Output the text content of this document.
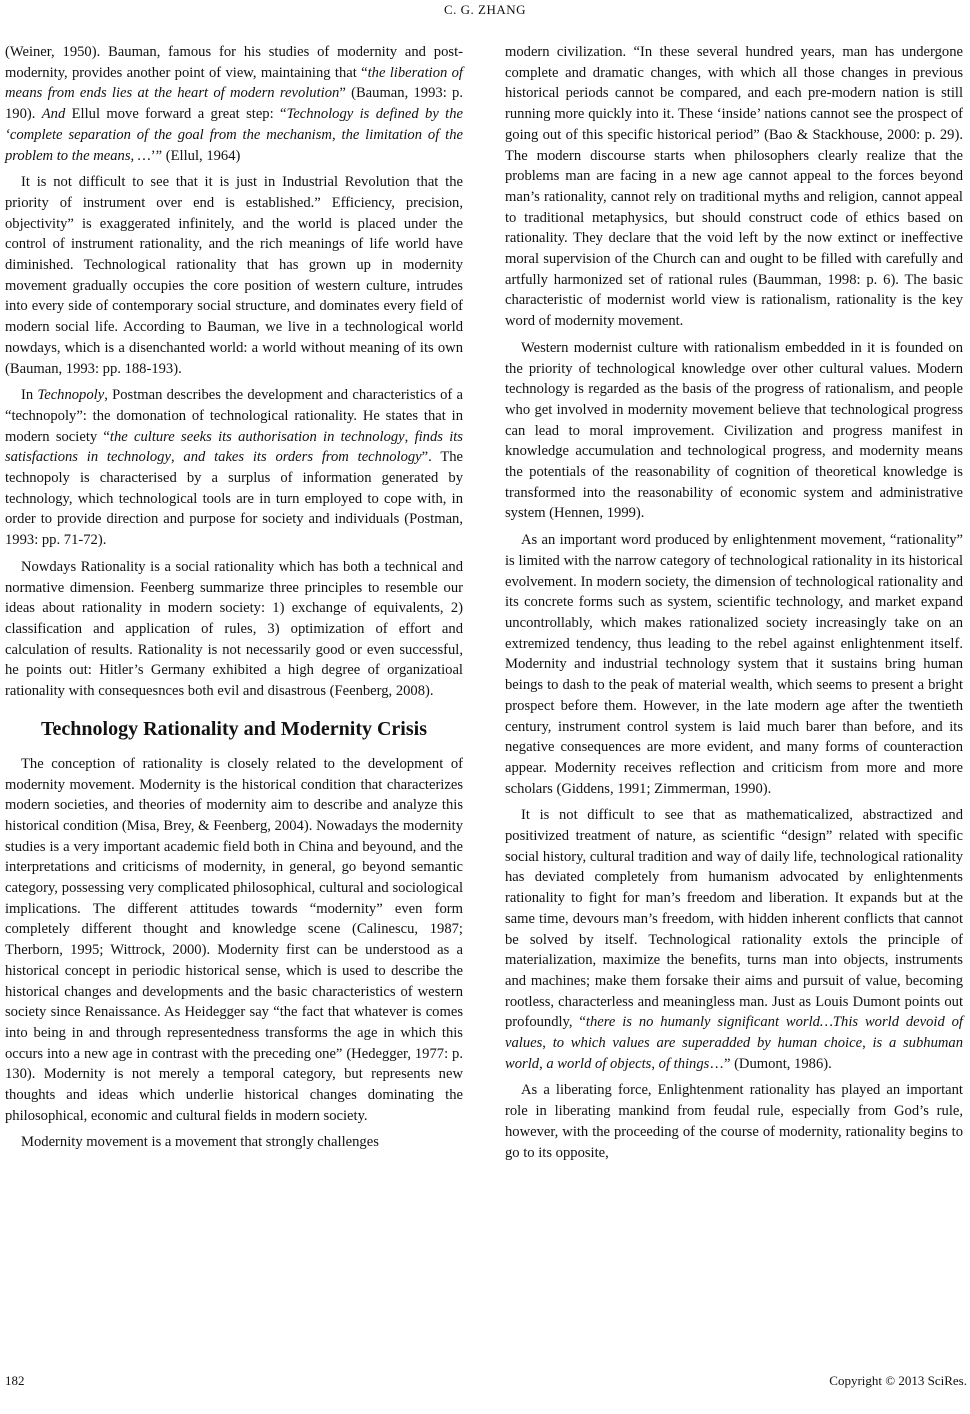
C. G. ZHANG

(Weiner, 1950). Bauman, famous for his studies of modernity and post-modernity, provides another point of view, maintaining that “the liberation of means from ends lies at the heart of modern revolution” (Bauman, 1993: p. 190). And Ellul move forward a great step: “Technology is defined by the ‘complete separation of the goal from the mechanism, the limitation of the problem to the means, …’” (Ellul, 1964)

It is not difficult to see that it is just in Industrial Revolution that the priority of instrument over end is established.” Efficiency, precision, objectivity” is exaggerated infinitely, and the world is placed under the control of instrument rationality, and the rich meanings of life world have diminished. Technological rationality that has grown up in modernity movement gradually occupies the core position of western culture, intrudes into every side of contemporary social structure, and dominates every field of modern social life. According to Bauman, we live in a technological world nowdays, which is a disenchanted world: a world without meaning of its own (Bauman, 1993: pp. 188-193).

In Technopoly, Postman describes the development and characteristics of a “technopoly”: the domonation of technological rationality. He states that in modern society “the culture seeks its authorisation in technology, finds its satisfactions in technology, and takes its orders from technology”. The technopoly is characterised by a surplus of information generated by technology, which technological tools are in turn employed to cope with, in order to provide direction and purpose for society and individuals (Postman, 1993: pp. 71-72).

Nowdays Rationality is a social rationality which has both a technical and normative dimension. Feenberg summarize three principles to resemble our ideas about rationality in modern society: 1) exchange of equivalents, 2) classification and application of rules, 3) optimization of effort and calculation of results. Rationality is not necessarily good or even successful, he points out: Hitler’s Germany exhibited a high degree of organizatioal rationality with consequesnces both evil and disastrous (Feenberg, 2008).

Technology Rationality and Modernity Crisis

The conception of rationality is closely related to the development of modernity movement. Modernity is the historical condition that characterizes modern societies, and theories of modernity aim to describe and analyze this historical condition (Misa, Brey, & Feenberg, 2004). Nowadays the modernity studies is a very important academic field both in China and beyound, and the interpretations and criticisms of modernity, in general, go beyond semantic category, possessing very complicated philosophical, cultural and sociological implications. The different attitudes towards “modernity” even form completely different thought and knowledge scene (Calinescu, 1987; Therborn, 1995; Wittrock, 2000). Modernity first can be understood as a historical concept in periodic historical sense, which is used to describe the historical changes and developments and the basic characteristics of western society since Renaissance. As Heidegger say “the fact that whatever is comes into being in and through representedness transforms the age in which this occurs into a new age in contrast with the preceding one” (Hedegger, 1977: p. 130). Modernity is not merely a temporal category, but represents new thoughts and ideas which underlie historical changes dominating the philosophical, economic and cultural fields in modern society.

Modernity movement is a movement that strongly challenges

modern civilization. “In these several hundred years, man has undergone complete and dramatic changes, with which all those changes in previous historical periods cannot be compared, and each pre-modern nation is still running more quickly into it. These ‘inside’ nations cannot see the prospect of going out of this specific historical period” (Bao & Stackhouse, 2000: p. 29). The modern discourse starts when philosophers clearly realize that the problems man are facing in a new age cannot appeal to the forces beyond man’s rationality, cannot rely on traditional myths and religion, cannot appeal to traditional metaphysics, but should construct code of ethics based on rationality. They declare that the void left by the now extinct or ineffective moral supervision of the Church can and ought to be filled with carefully and artfully harmonized set of rational rules (Baumman, 1998: p. 6). The basic characteristic of modernist world view is rationalism, rationality is the key word of modernity movement.

Western modernist culture with rationalism embedded in it is founded on the priority of technological knowledge over other cultural values. Modern technology is regarded as the basis of the progress of rationalism, and people who get involved in modernity movement believe that technological progress can lead to moral improvement. Civilization and progress manifest in knowledge accumulation and technological progress, and modernity means the potentials of the reasonability of cognition of theoretical knowledge is transformed into the reasonability of economic system and administrative system (Hennen, 1999).

As an important word produced by enlightenment movement, “rationality” is limited with the narrow category of technological rationality in its historical evolvement. In modern society, the dimension of technological rationality and its concrete forms such as system, scientific technology, and market expand uncontrollably, which makes rationalized society increasingly take on an extremized tendency, thus leading to the rebel against enlightenment itself. Modernity and industrial technology system that it sustains bring human beings to dash to the peak of material wealth, which seems to present a bright prospect before them. However, in the late modern age after the twentieth century, instrument control system is laid much barer than before, and its negative consequences are more evident, and many forms of counteraction appear. Modernity receives reflection and criticism from more and more scholars (Giddens, 1991; Zimmerman, 1990).

It is not difficult to see that as mathematicalized, abstractized and positivized treatment of nature, as scientific “design” related with specific social history, cultural tradition and way of daily life, technological rationality has deviated completely from humanism advocated by enlightenments rationality to fight for man’s freedom and liberation. It expands but at the same time, devours man’s freedom, with hidden inherent conflicts that cannot be solved by itself. Technological rationality extols the principle of materialization, maximize the benefits, turns man into objects, instruments and machines; make them forsake their aims and pursuit of value, becoming rootless, characterless and meaningless man. Just as Louis Dumont points out profoundly, “there is no humanly significant world…This world devoid of values, to which values are superadded by human choice, is a subhuman world, a world of objects, of things…” (Dumont, 1986).

As a liberating force, Enlightenment rationality has played an important role in liberating mankind from feudal rule, especially from God’s rule, however, with the proceeding of the course of modernity, rationality begins to go to its opposite,

182	Copyright © 2013 SciRes.
